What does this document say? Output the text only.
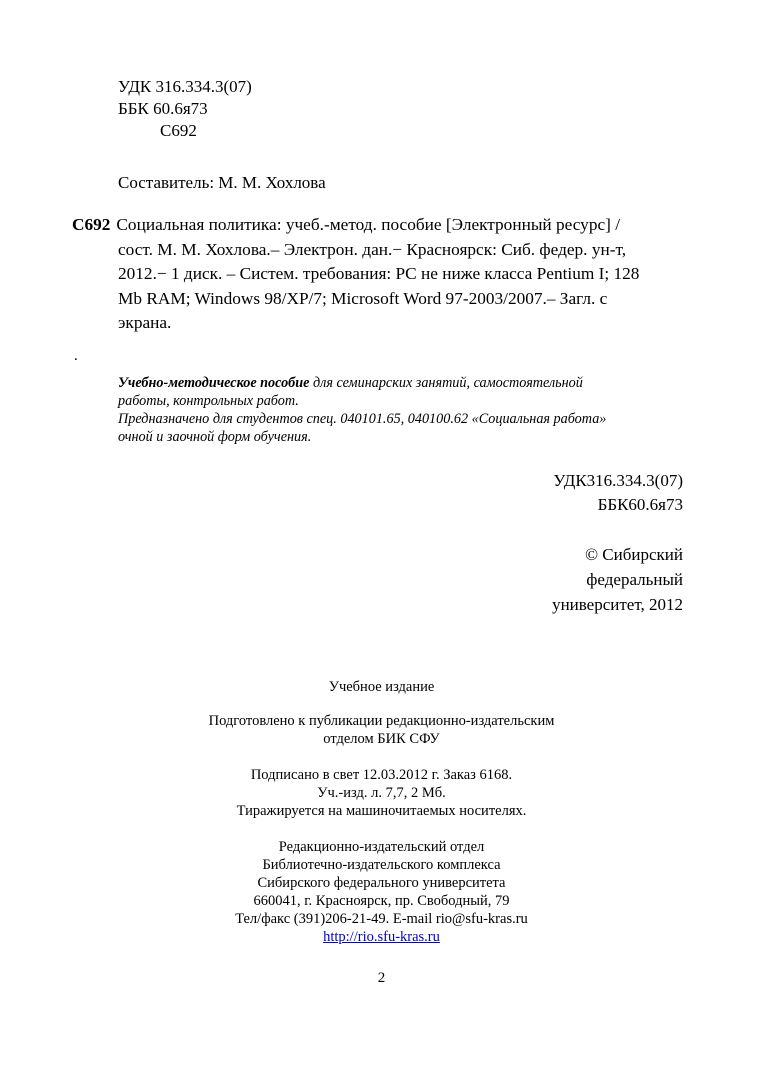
УДК 316.334.3(07)
ББК 60.6я73
С692
Составитель: М. М. Хохлова
С692 Социальная политика: учеб.-метод. пособие [Электронный ресурс] /
сост. М. М. Хохлова.– Электрон. дан.− Красноярск: Сиб. федер. ун-т,
2012.− 1 диск. – Систем. требования: PC не ниже класса Pentium I; 128
Mb RAM; Windows 98/XP/7; Microsoft Word 97-2003/2007.– Загл. с
экрана.
.
Учебно-методическое пособие для семинарских занятий, самостоятельной
работы, контрольных работ.
Предназначено для студентов спец. 040101.65, 040100.62 «Социальная работа»
очной и заочной форм обучения.
УДК316.334.3(07)
ББК60.6я73
© Сибирский
федеральный
университет, 2012
Учебное издание
Подготовлено к публикации редакционно-издательским
отделом БИК СФУ
Подписано в свет 12.03.2012 г. Заказ 6168.
Уч.-изд. л. 7,7, 2 Мб.
Тиражируется на машиночитаемых носителях.
Редакционно-издательский отдел
Библиотечно-издательского комплекса
Сибирского федерального университета
660041, г. Красноярск, пр. Свободный, 79
Тел/факс (391)206-21-49. E-mail rio@sfu-kras.ru
http://rio.sfu-kras.ru
2
